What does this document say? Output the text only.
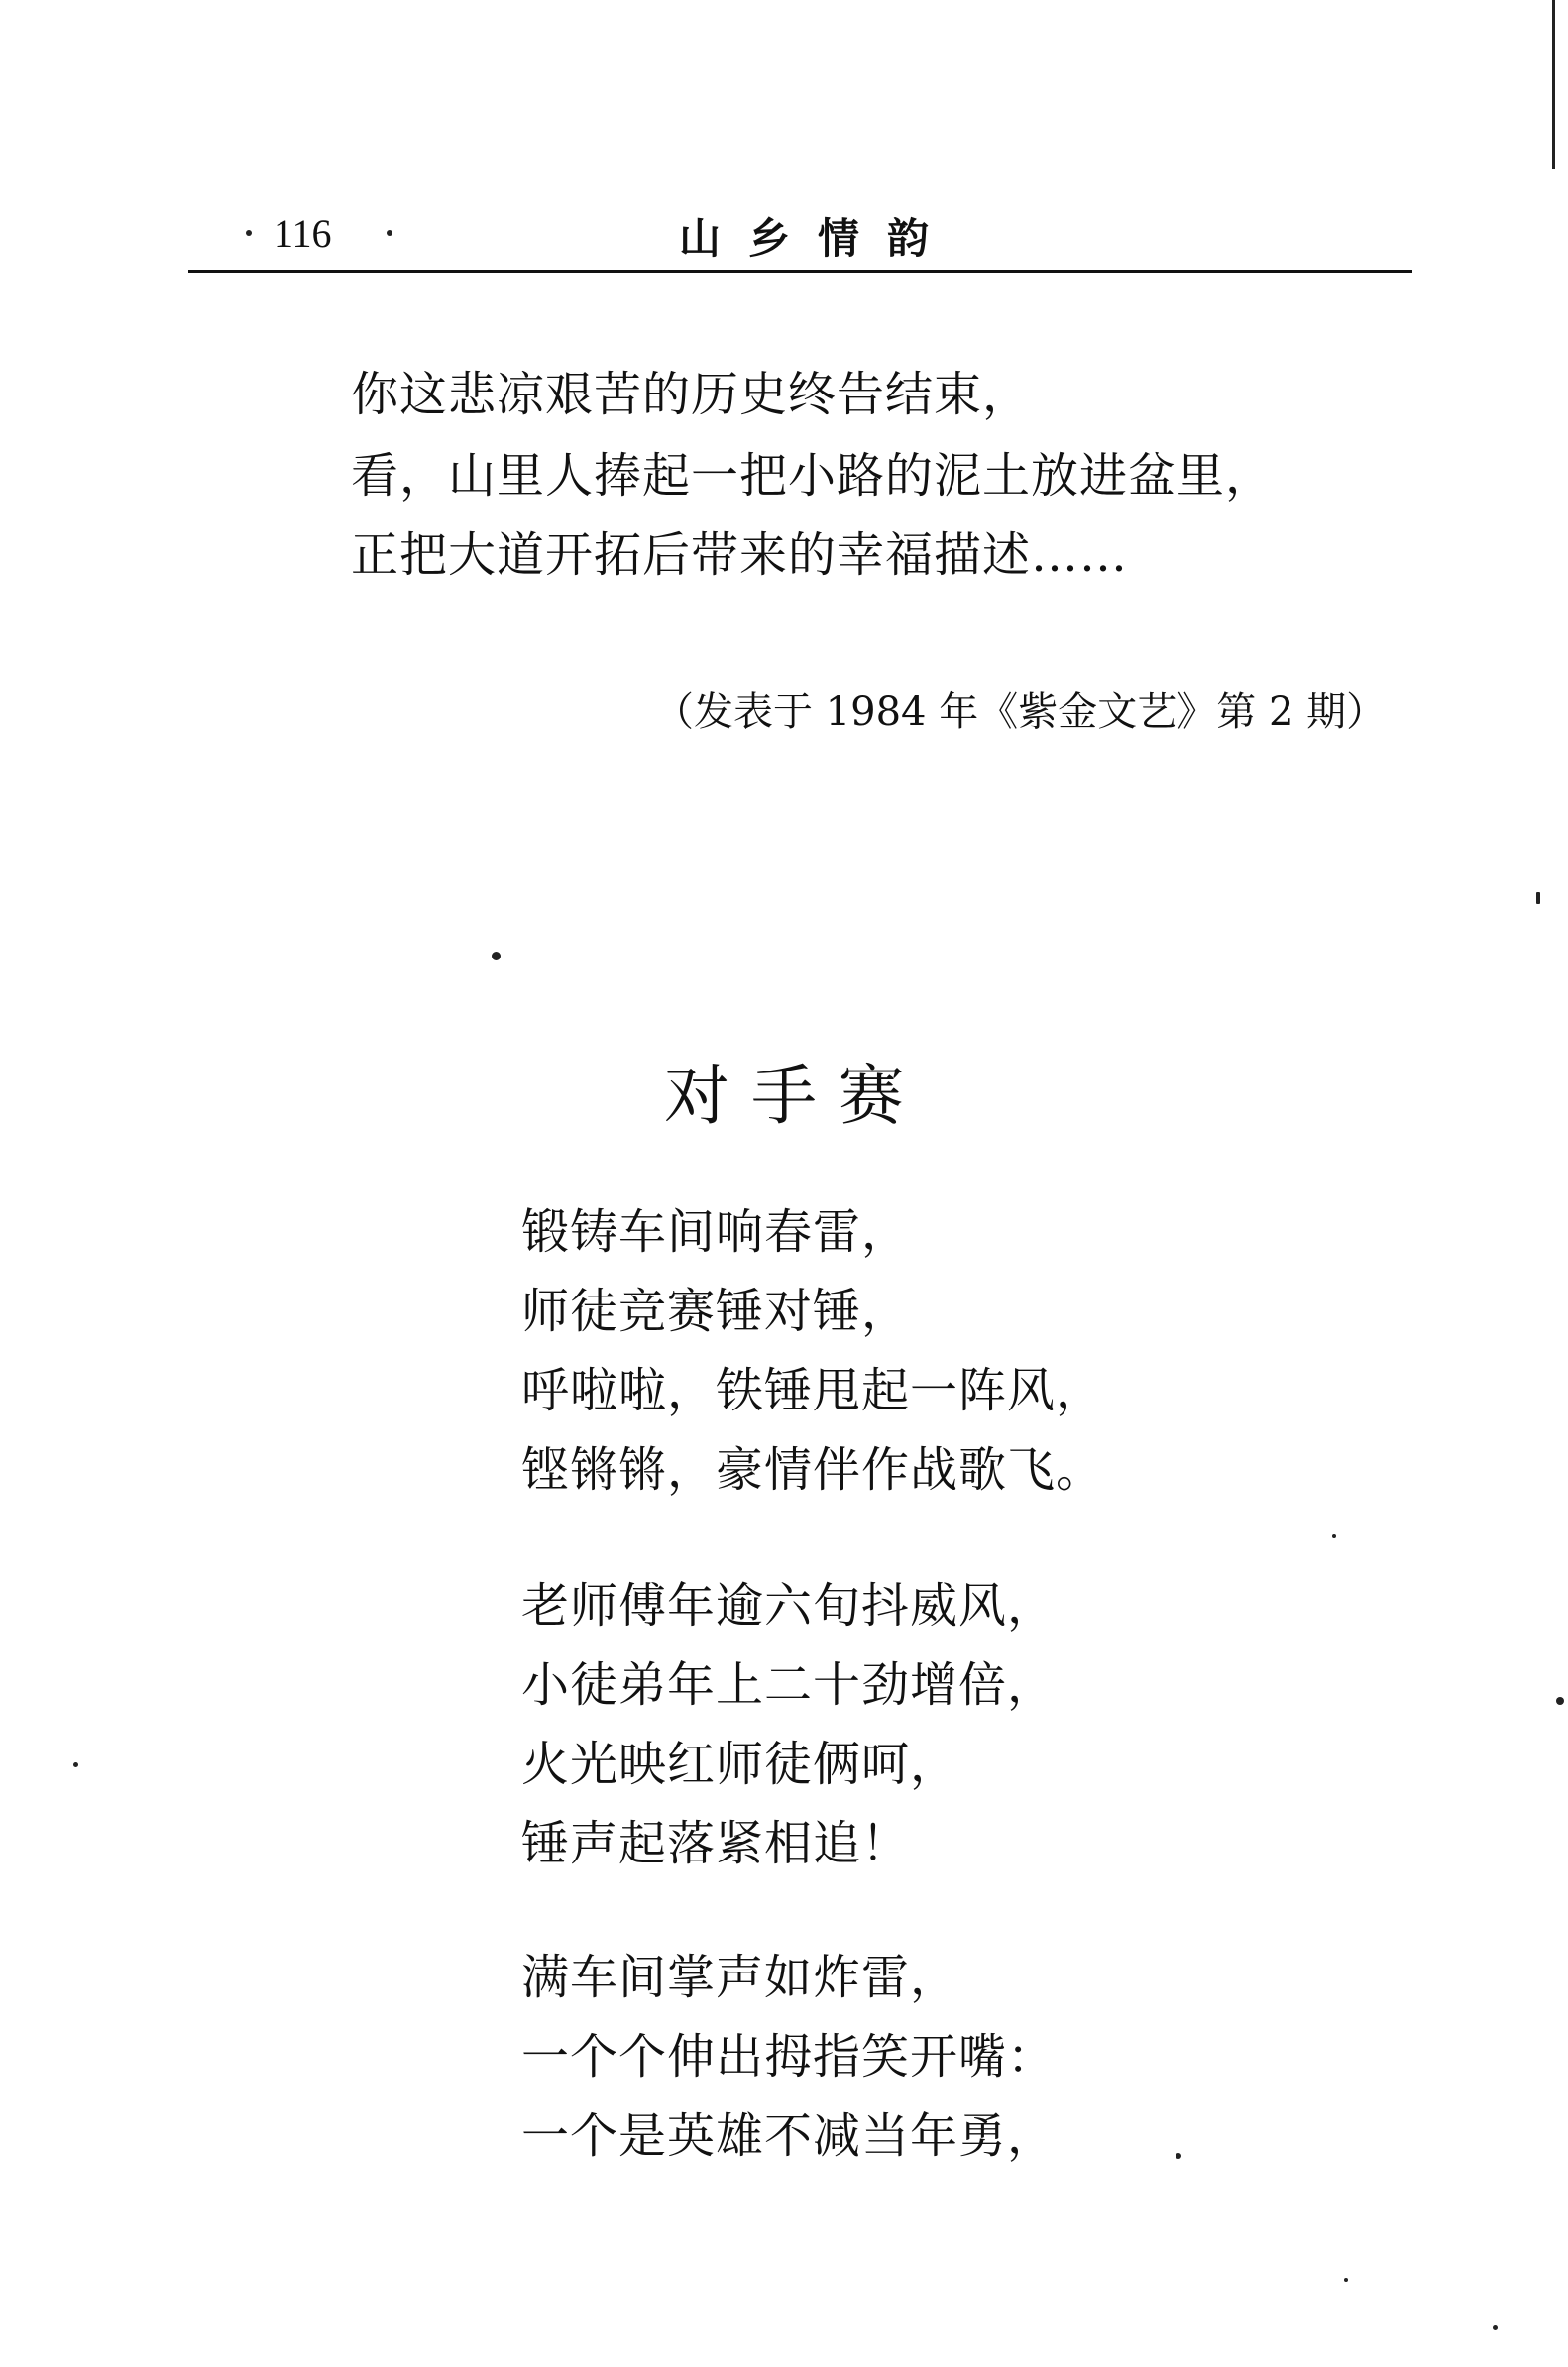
116	山乡情韵
你这悲凉艰苦的历史终告结束，
看，山里人捧起一把小路的泥土放进盆里，
正把大道开拓后带来的幸福描述……
（发表于 1984 年《紫金文艺》第 2 期）
对手赛
锻铸车间响春雷，
师徒竞赛锤对锤，
呼啦啦，铁锤甩起一阵风，
铿锵锵，豪情伴作战歌飞。
老师傅年逾六旬抖威风，
小徒弟年上二十劲增倍，
火光映红师徒俩呵，
锤声起落紧相追！
满车间掌声如炸雷，
一个个伸出拇指笑开嘴：
一个是英雄不减当年勇，
